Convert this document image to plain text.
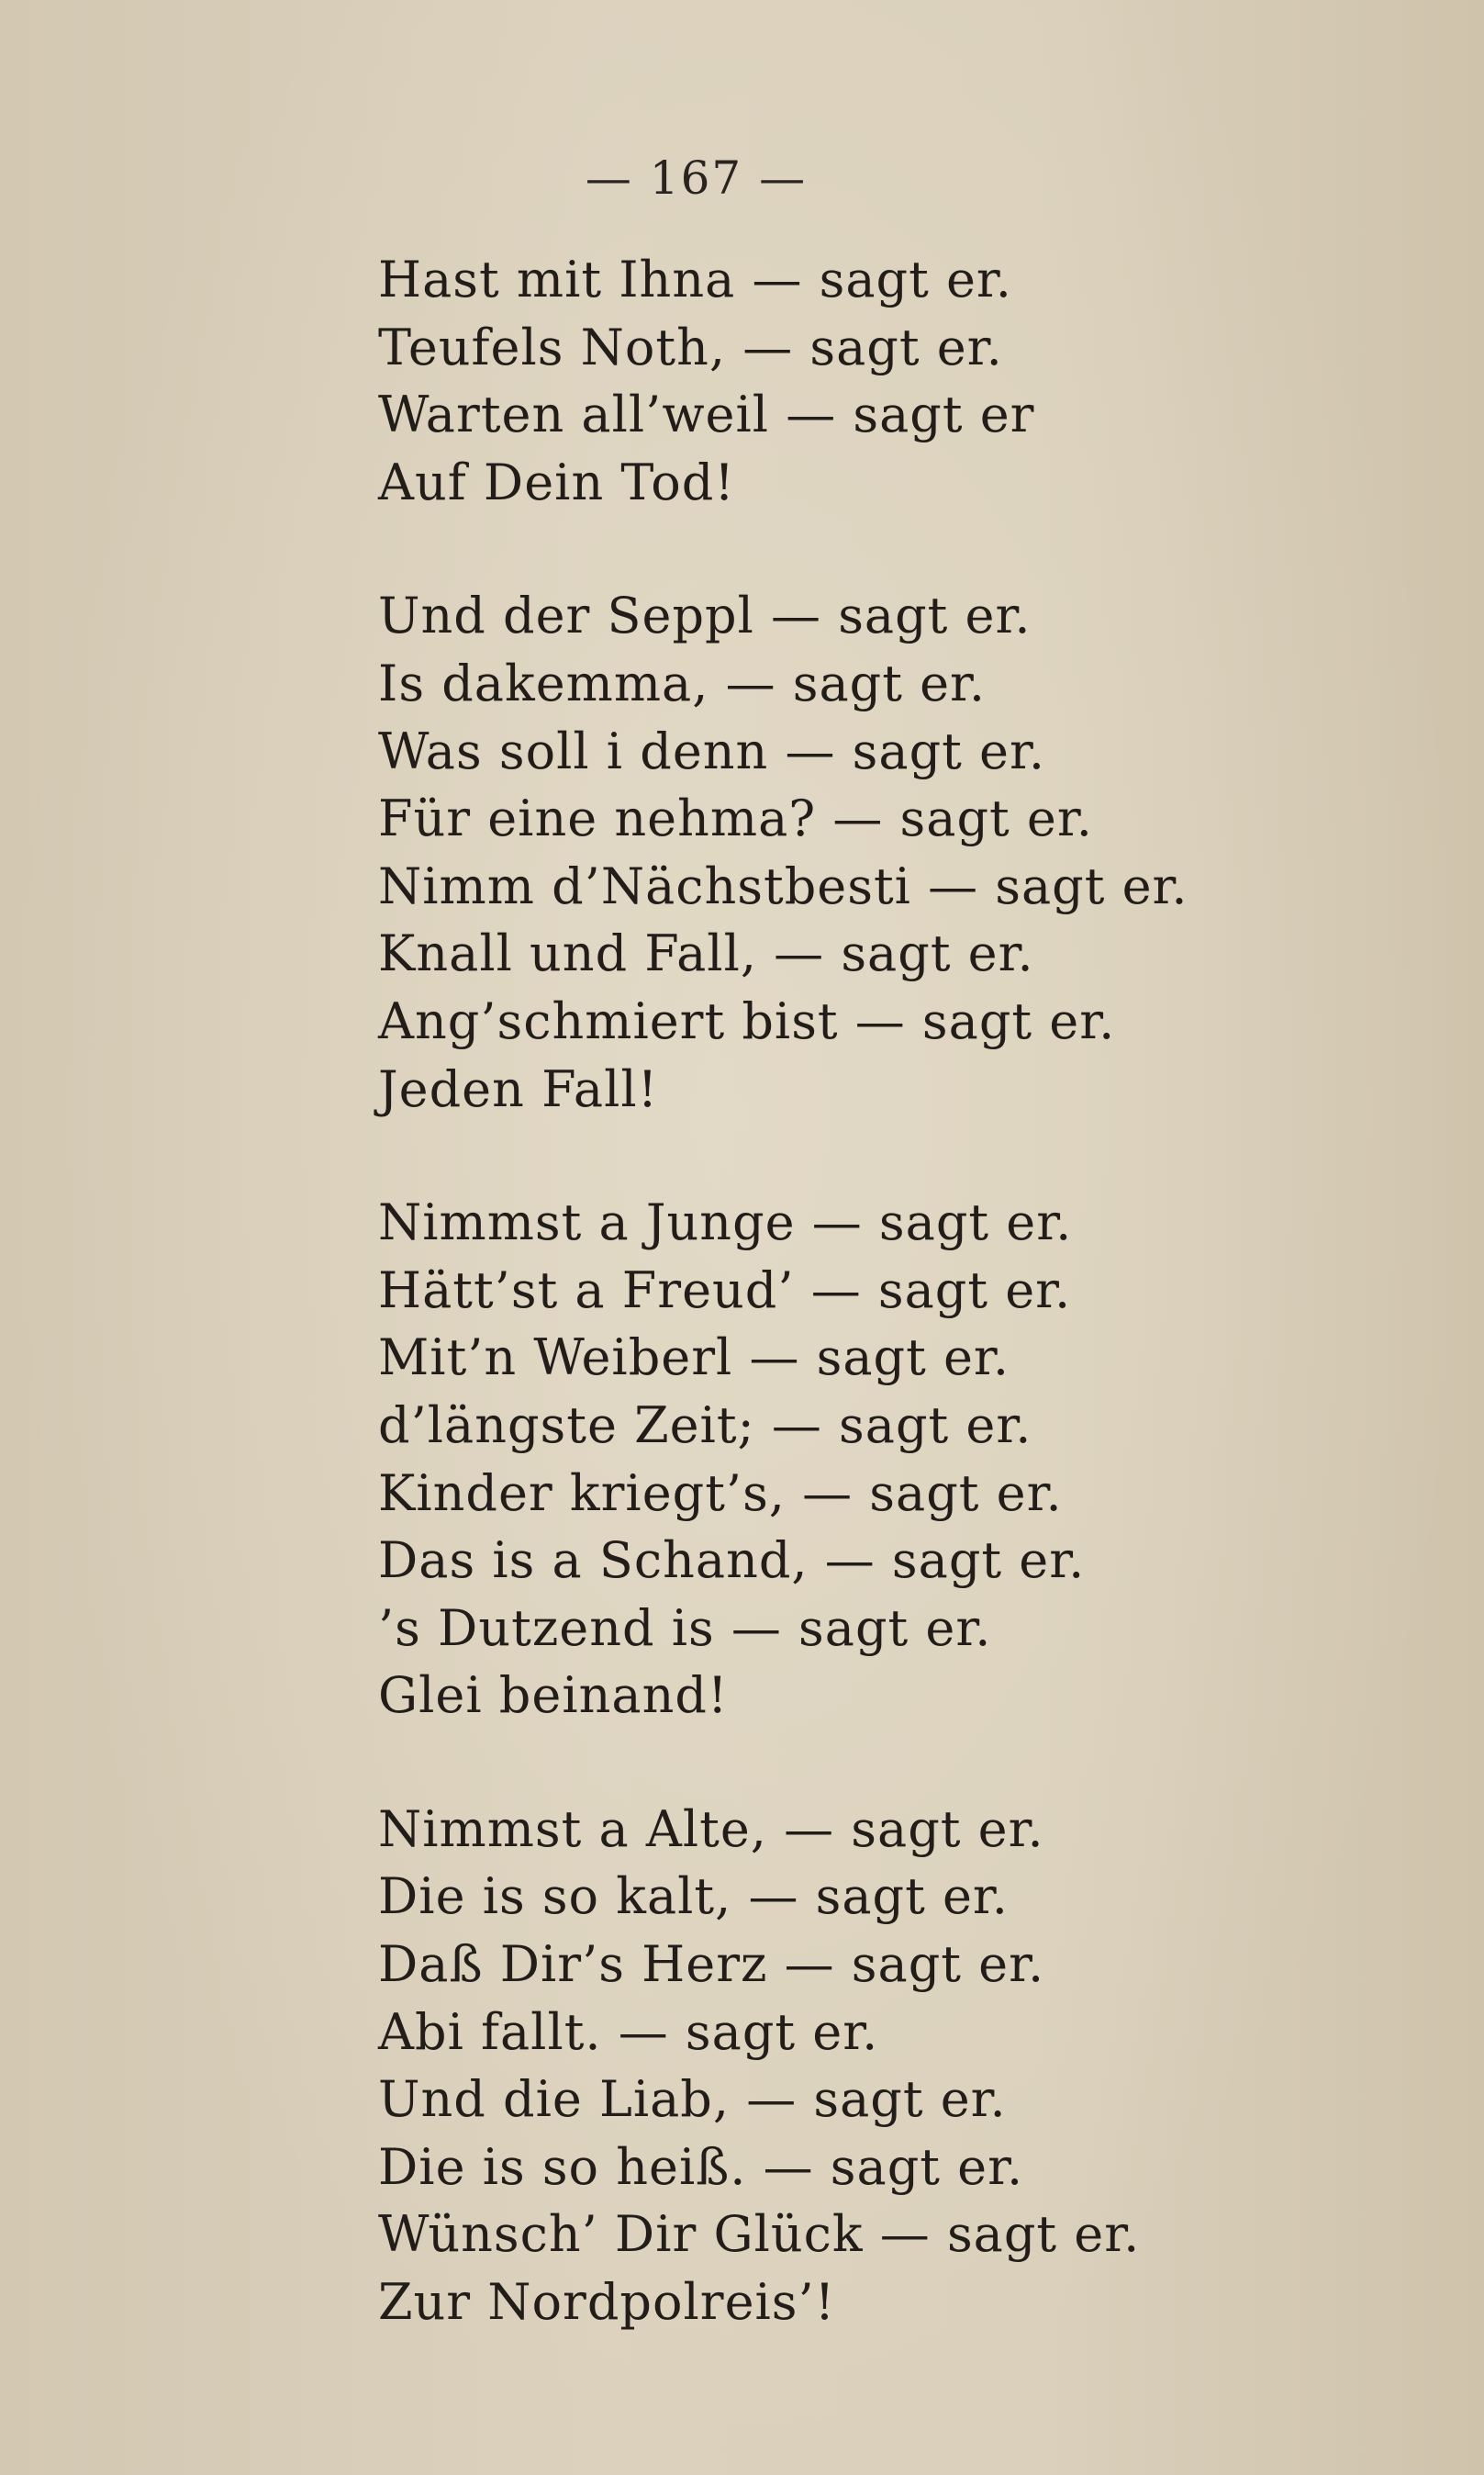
— 167 —
Hast mit Ihna — sagt er.
Teufels Noth, — sagt er.
Warten all’weil — sagt er
Auf Dein Tod!
Und der Seppl — sagt er.
Is dakemma, — sagt er.
Was soll i denn — sagt er.
Für eine nehma? — sagt er.
Nimm d’Nächstbesti — sagt er.
Knall und Fall, — sagt er.
Ang’schmiert bist — sagt er.
Jeden Fall!
Nimmst a Junge — sagt er.
Hätt’st a Freud’ — sagt er.
Mit’n Weiberl — sagt er.
d’längste Zeit; — sagt er.
Kinder kriegt’s, — sagt er.
Das is a Schand, — sagt er.
’s Dutzend is — sagt er.
Glei beinand!
Nimmst a Alte, — sagt er.
Die is so kalt, — sagt er.
Daß Dir’s Herz — sagt er.
Abi fallt. — sagt er.
Und die Liab, — sagt er.
Die is so heiß. — sagt er.
Wünsch’ Dir Glück — sagt er.
Zur Nordpolreis’!
